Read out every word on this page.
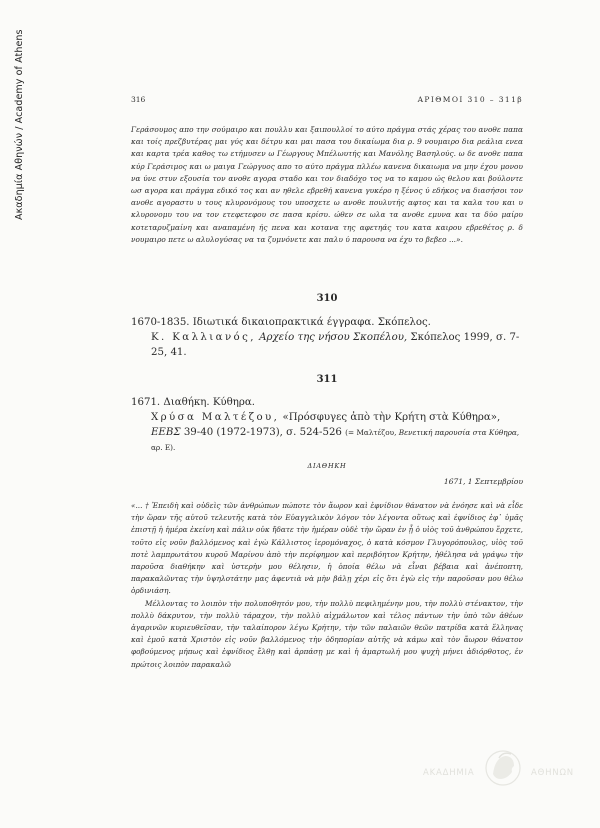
Ακαδημία Αθηνών / Academy of Athens	316	ΑΡΙΘΜΟΙ 310 – 311β
Γεράσουμος απο την σούμαιρο και πουλλυ και ξαιπουλλοί το αύτο πράγμα στάς χέρας του ανοθε παπα και τοίς πρεζβυτέρας μαι γύς και δέτρυ και μαι πασα του δικαίωμα δια ρ. 9 νουμαιρο δια ρεάλια ενεα και καρτα τρέα καθος τω ετήμυσεν ω Γέωργους Μπέλωυτής και Μανόλης Βασηλούς. ω δε ανοθε παπα κύρ Γεράσιμος και ω μαιγα Γεώργυος απο το αύτο πράγμα πλλέω κανενα δικαιωμα να μην έχου μονου να ύνε στυν εξουσία τον ανοθε αγορα σταδο και τον διαδόχο τος να το καμου ώς θελου και βούλοντε ωσ αγορα και πράγμα εδικό τος και αν ηθελε εβρεθή κανενα γυκέρο η ξένος ύ εδήκος να διασήσοι τον ανοθε αγοραστυ υ τους κλυρονόμους του υποσχετε ω ανοθε πουλυτής αφτος και τα καλα του και υ κλυρονομυ του να τον ετεφετεφου σε πασα κρίσυ. ώθεν σε ωλα τα ανοθε εμυνα και τα δύο μαίρυ κοτεταρυζμαίνη και αναπαμένη ής πενα και κοτανα της αφετηάς του κατα καιρου εβρεθέτος ρ. δ νουμαιρο πετε ω αλυλογύσας να τα ζυμνόνετε και παλυ ύ παρουσα να έχυ το βεβεο ...».
310
1670-1835. Ιδιωτικά δικαιοπρακτικά έγγραφα. Σκόπελος.
Κ. Καλλιανός, Αρχείο της νήσου Σκοπέλου, Σκόπελος 1999, σ. 7-25, 41.
311
1671. Διαθήκη. Κύθηρα.
Χρύσα Μαλτέζου, «Πρόσφυγες ἀπὸ τὴν Κρήτη στὰ Κύθηρα», ΕΕΒΣ 39-40 (1972-1973), σ. 524-526 (= Μαλτέζου, Βενετική παρουσία στα Κύθηρα, αρ. Ε).
ΔΙΑΘΗΚΗ
1671, 1 Σεπτεμβρίου
«... † Ἐπειδὴ καὶ οὐδεὶς τῶν ἀνθρώπων πώποτε τὸν ἄωρον καὶ ἐφνίδιον θάνατον νὰ ἐνόησε καὶ νὰ εἶδε τὴν ὥραν τῆς αὐτοῦ τελευτῆς κατὰ τὸν Εὐαγγελικὸν λόγον τὸν λέγοντα οὕτως καὶ ἐφνίδιος ἐφ᾽ ὑμᾶς ἐπιστῇ ἡ ἡμέρα ἐκείνη καὶ πάλιν οὐκ ἤδατε τὴν ἡμέραν οὐδὲ τὴν ὥραν ἐν ᾗ ὁ υἱὸς τοῦ ἀνθρώπου ἔρχετε, τοῦτο εἰς νοῦν βαλλόμενος καὶ ἐγὼ Κάλλιστος ἱερομόναχος, ὁ κατὰ κόσμον Γλυγορόπουλος, υἱὸς τοῦ ποτὲ λαμπρωτάτου κυροῦ Μαρίνου ἀπὸ τὴν περίφημον καὶ περιβόητον Κρήτην, ἠθέλησα νὰ γράψω τὴν παροῦσα διαθήκην καὶ ὑστερὴν μου θέλησιν, ἡ ὁποία θέλω νὰ εἶναι βέβαια καὶ ἀνέποπτη, παρακαλῶντας τὴν ὑψηλοτάτην μας ἀφεντιὰ νὰ μὴν βάλῃ χέρι εἰς ὅτι ἐγὼ εἰς τὴν παροῦσαν μου θέλω ὀρδινιάση.
Μέλλοντας το λοιπὸν τὴν πολυποθητόν μου, τὴν πολλὺ πεφιλημένην μου, τὴν πολλὺ στένακτον, τὴν πολλὺ δάκρυτον, τὴν πολλὺ τάραχον, τὴν πολλὺ αἰχμάλωτον καὶ τέλος πάντων τὴν ὑπὸ τῶν ἀθέων ἀγαρινῶν κυριευθεῖσαν, τὴν ταλαίπορον λέγω Κρήτην, τὴν τῶν παλαιῶν θεῶν πατρίδα κατὰ ἕλληνας καὶ ἐμοῦ κατὰ Χριστὸν εἰς νοῦν βαλλόμενος τὴν ὁδηπορίαν αὐτῆς νὰ κάμω καὶ τὸν ἄωρον θάνατον φοβούμενος μήπως καὶ ἐφνίδιος ἔλθῃ καὶ ἁρπάσῃ με καὶ ἡ ἁμαρτωλή μου ψυχὴ μήνει ἀδιόρθοτος, ἐν πρώτοις λοιπὸν παρακαλῶ
ΑΚΑΔΗΜΙΑ	ΑΘΗΝΩΝ
